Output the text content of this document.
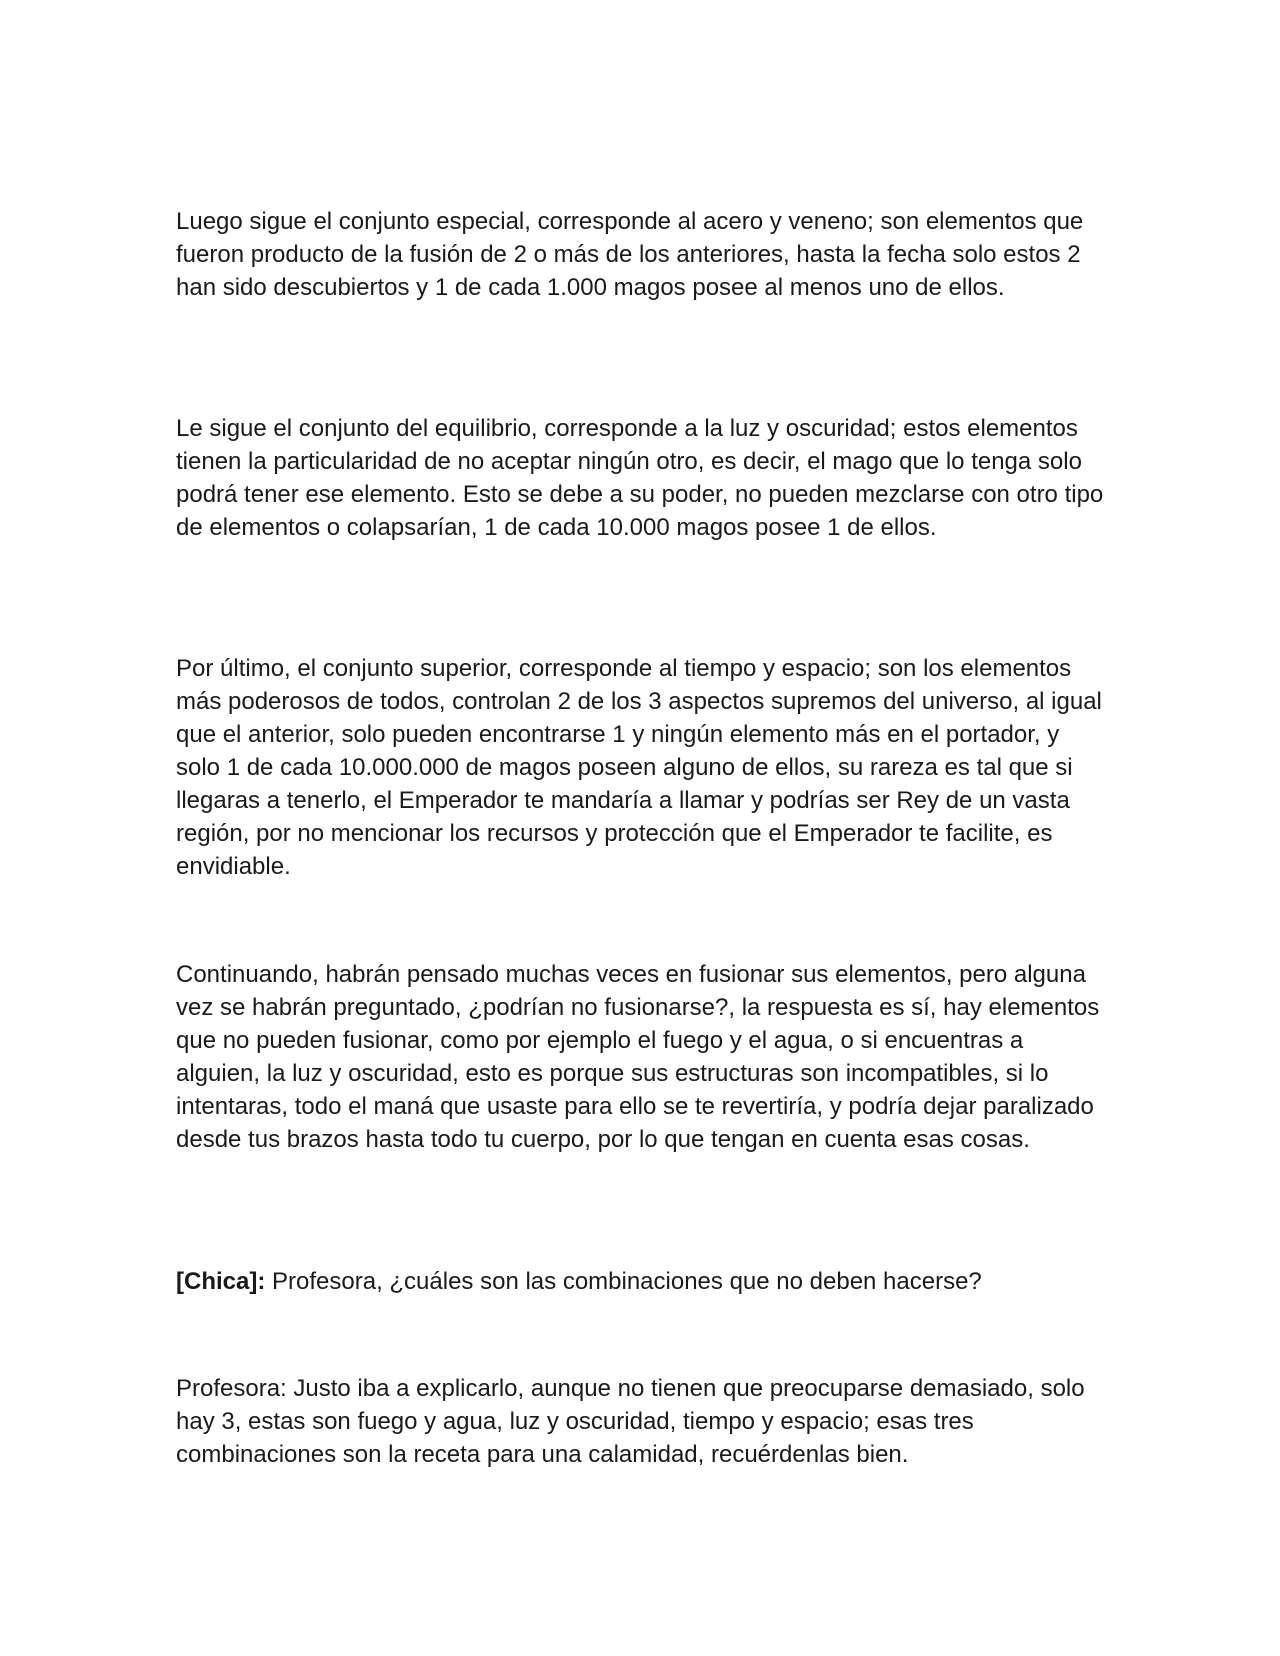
Luego sigue el conjunto especial, corresponde al acero y veneno; son elementos que fueron producto de la fusión de 2 o más de los anteriores, hasta la fecha solo estos 2 han sido descubiertos y 1 de cada 1.000 magos posee al menos uno de ellos.

Le sigue el conjunto del equilibrio, corresponde a la luz y oscuridad; estos elementos tienen la particularidad de no aceptar ningún otro, es decir, el mago que lo tenga solo podrá tener ese elemento. Esto se debe a su poder, no pueden mezclarse con otro tipo de elementos o colapsarían, 1 de cada 10.000 magos posee 1 de ellos.

Por último, el conjunto superior, corresponde al tiempo y espacio; son los elementos más poderosos de todos, controlan 2 de los 3 aspectos supremos del universo, al igual que el anterior, solo pueden encontrarse 1 y ningún elemento más en el portador, y solo 1 de cada 10.000.000 de magos poseen alguno de ellos, su rareza es tal que si llegaras a tenerlo, el Emperador te mandaría a llamar y podrías ser Rey de un vasta región, por no mencionar los recursos y protección que el Emperador te facilite, es envidiable.

Continuando, habrán pensado muchas veces en fusionar sus elementos, pero alguna vez se habrán preguntado, ¿podrían no fusionarse?, la respuesta es sí, hay elementos que no pueden fusionar, como por ejemplo el fuego y el agua, o si encuentras a alguien, la luz y oscuridad, esto es porque sus estructuras son incompatibles, si lo intentaras, todo el maná que usaste para ello se te revertiría, y podría dejar paralizado desde tus brazos hasta todo tu cuerpo, por lo que tengan en cuenta esas cosas.

[Chica]: Profesora, ¿cuáles son las combinaciones que no deben hacerse?

Profesora: Justo iba a explicarlo, aunque no tienen que preocuparse demasiado, solo hay 3, estas son fuego y agua, luz y oscuridad, tiempo y espacio; esas tres combinaciones son la receta para una calamidad, recuérdenlas bien.
